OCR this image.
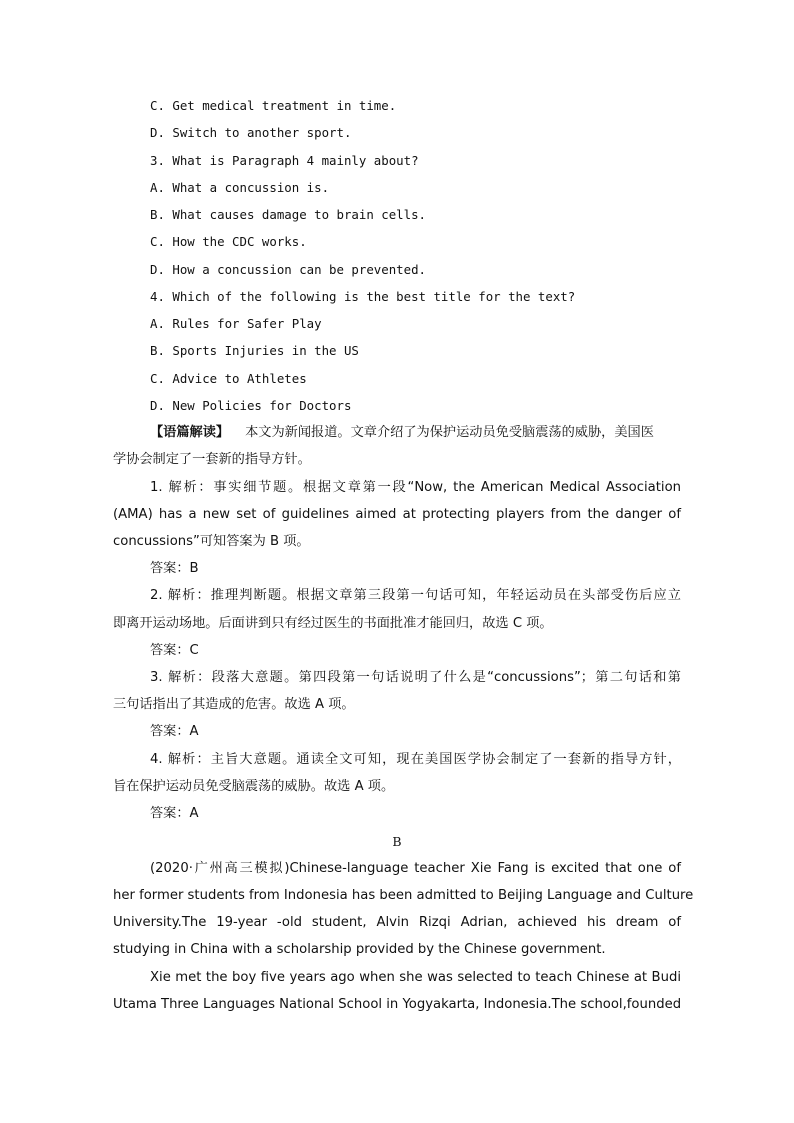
C. Get medical treatment in time.
D. Switch to another sport.
3. What is Paragraph 4 mainly about?
A. What a concussion is.
B. What causes damage to brain cells.
C. How the CDC works.
D. How a concussion can be prevented.
4. Which of the following is the best title for the text?
A. Rules for Safer Play
B. Sports Injuries in the US
C. Advice to Athletes
D. New Policies for Doctors
【语篇解读】 本文为新闻报道。文章介绍了为保护运动员免受脑震荡的威胁，美国医
学协会制定了一套新的指导方针。
1. 解析：事实细节题。根据文章第一段“Now, the American Medical Association
(AMA) has a new set of guidelines aimed at protecting players from the danger of
concussions”可知答案为 B 项。
答案：B
2. 解析：推理判断题。根据文章第三段第一句话可知，年轻运动员在头部受伤后应立
即离开运动场地。后面讲到只有经过医生的书面批准才能回归，故选 C 项。
答案：C
3. 解析：段落大意题。第四段第一句话说明了什么是“concussions”；第二句话和第
三句话指出了其造成的危害。故选 A 项。
答案：A
4. 解析：主旨大意题。通读全文可知，现在美国医学协会制定了一套新的指导方针，
旨在保护运动员免受脑震荡的威胁。故选 A 项。
答案：A
B
(2020·广州高三模拟)Chinese-language teacher Xie Fang is excited that one of
her former students from Indonesia has been admitted to Beijing Language and Culture
University.The 19-year -old student, Alvin Rizqi Adrian, achieved his dream of
studying in China with a scholarship provided by the Chinese government.
Xie met the boy five years ago when she was selected to teach Chinese at Budi
Utama Three Languages National School in Yogyakarta, Indonesia.The school,founded
